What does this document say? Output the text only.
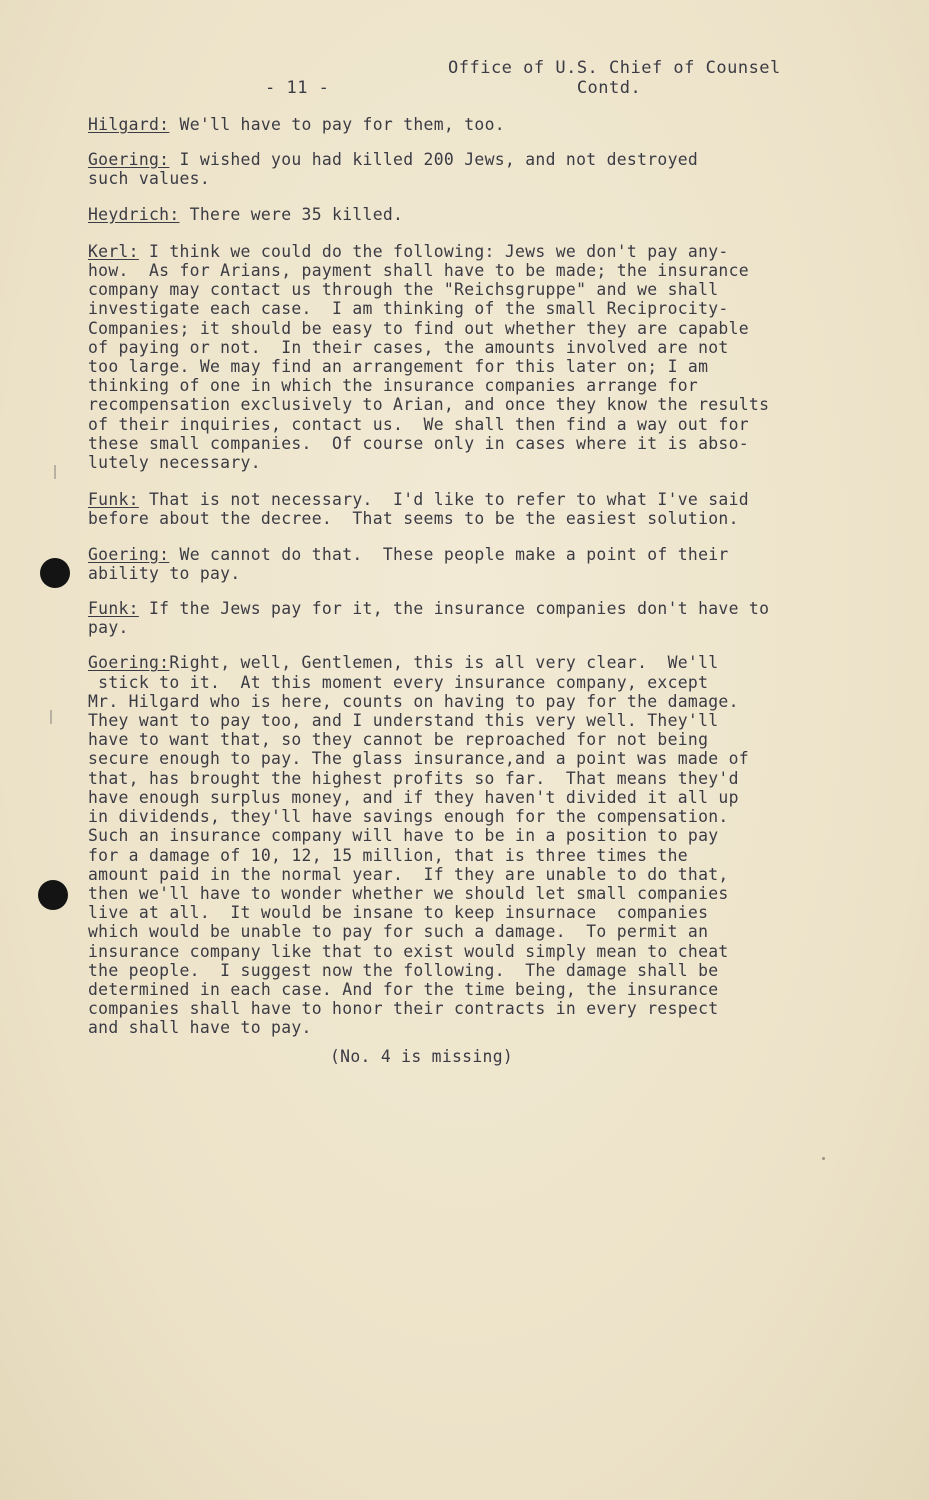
Office of U.S. Chief of Counsel
Contd.
- 11 -

Hilgard: We'll have to pay for them, too.

Goering: I wished you had killed 200 Jews, and not destroyed
such values.

Heydrich: There were 35 killed.

Kerl: I think we could do the following: Jews we don't pay any-
how.  As for Arians, payment shall have to be made; the insurance
company may contact us through the "Reichsgruppe" and we shall
investigate each case.  I am thinking of the small Reciprocity-
Companies; it should be easy to find out whether they are capable
of paying or not.  In their cases, the amounts involved are not
too large. We may find an arrangement for this later on; I am
thinking of one in which the insurance companies arrange for
recompensation exclusively to Arian, and once they know the results
of their inquiries, contact us.  We shall then find a way out for
these small companies.  Of course only in cases where it is abso-
lutely necessary.

Funk: That is not necessary.  I'd like to refer to what I've said
before about the decree.  That seems to be the easiest solution.

Goering: We cannot do that.  These people make a point of their
ability to pay.

Funk: If the Jews pay for it, the insurance companies don't have to
pay.

Goering:Right, well, Gentlemen, this is all very clear.  We'll
stick to it.  At this moment every insurance company, except
Mr. Hilgard who is here, counts on having to pay for the damage.
They want to pay too, and I understand this very well. They'll
have to want that, so they cannot be reproached for not being
secure enough to pay. The glass insurance,and a point was made of
that, has brought the highest profits so far.  That means they'd
have enough surplus money, and if they haven't divided it all up
in dividends, they'll have savings enough for the compensation.
Such an insurance company will have to be in a position to pay
for a damage of 10, 12, 15 million, that is three times the
amount paid in the normal year.  If they are unable to do that,
then we'll have to wonder whether we should let small companies
live at all.  It would be insane to keep insurnace  companies
which would be unable to pay for such a damage.  To permit an
insurance company like that to exist would simply mean to cheat
the people.  I suggest now the following.  The damage shall be
determined in each case. And for the time being, the insurance
companies shall have to honor their contracts in every respect
and shall have to pay.

(No. 4 is missing)
